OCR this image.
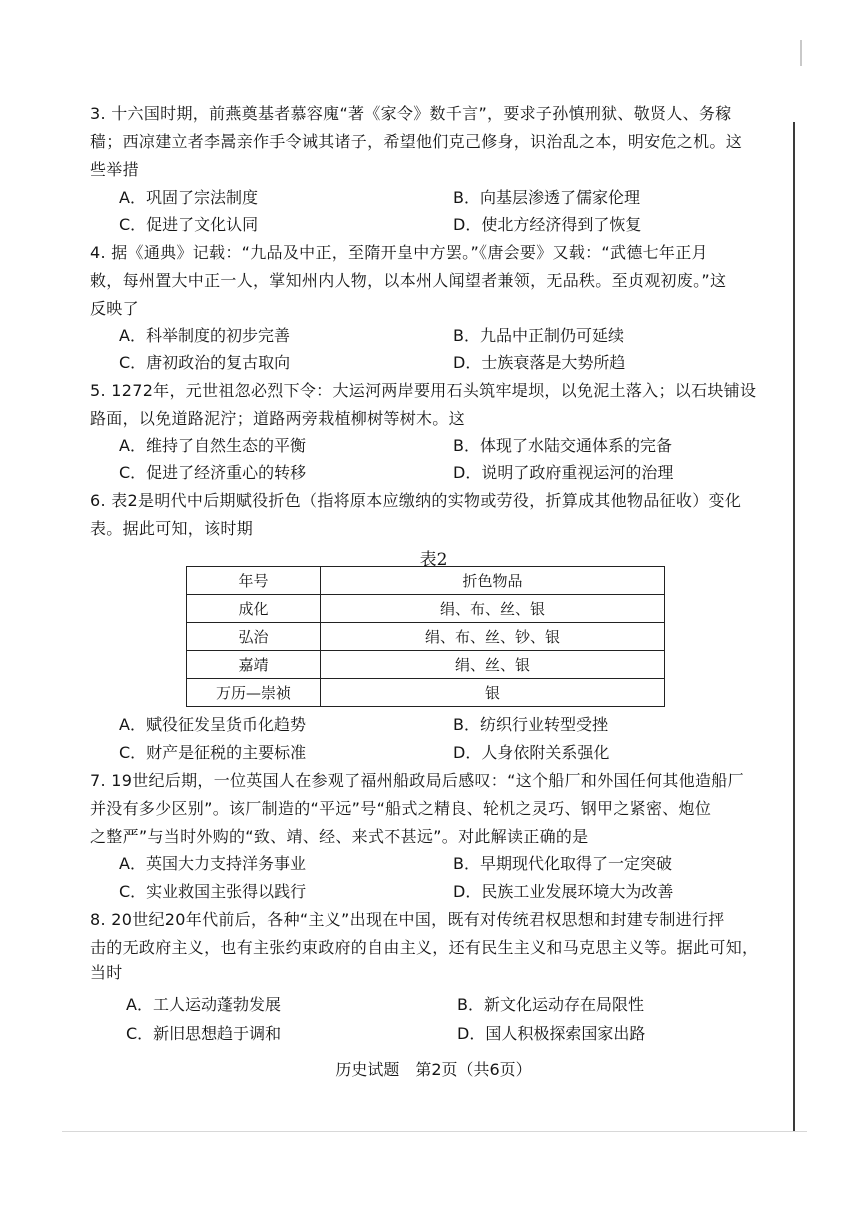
3. 十六国时期，前燕奠基者慕容廆“著《家令》数千言”，要求子孙慎刑狱、敬贤人、务稼
穑；西凉建立者李暠亲作手令诫其诸子，希望他们克己修身，识治乱之本，明安危之机。这
些举措
A．巩固了宗法制度	B．向基层渗透了儒家伦理
C．促进了文化认同	D．使北方经济得到了恢复
4. 据《通典》记载：“九品及中正，至隋开皇中方罢。”《唐会要》又载：“武德七年正月
敕，每州置大中正一人，掌知州内人物，以本州人闻望者兼领，无品秩。至贞观初废。”这
反映了
A．科举制度的初步完善	B．九品中正制仍可延续
C．唐初政治的复古取向	D．士族衰落是大势所趋
5. 1272年，元世祖忽必烈下令：大运河两岸要用石头筑牢堤坝，以免泥土落入；以石块铺设
路面，以免道路泥泞；道路两旁栽植柳树等树木。这
A．维持了自然生态的平衡	B．体现了水陆交通体系的完备
C．促进了经济重心的转移	D．说明了政府重视运河的治理
6. 表2是明代中后期赋役折色（指将原本应缴纳的实物或劳役，折算成其他物品征收）变化
表。据此可知，该时期
表2
年号	折色物品
成化	绢、布、丝、银
弘治	绢、布、丝、钞、银
嘉靖	绢、丝、银
万历—崇祯	银
A．赋役征发呈货币化趋势	B．纺织行业转型受挫
C．财产是征税的主要标准	D．人身依附关系强化
7. 19世纪后期，一位英国人在参观了福州船政局后感叹：“这个船厂和外国任何其他造船厂
并没有多少区别”。该厂制造的“平远”号“船式之精良、轮机之灵巧、钢甲之紧密、炮位
之整严”与当时外购的“致、靖、经、来式不甚远”。对此解读正确的是
A．英国大力支持洋务事业	B．早期现代化取得了一定突破
C．实业救国主张得以践行	D．民族工业发展环境大为改善
8. 20世纪20年代前后，各种“主义”出现在中国，既有对传统君权思想和封建专制进行抨
击的无政府主义，也有主张约束政府的自由主义，还有民生主义和马克思主义等。据此可知，
当时
A．工人运动蓬勃发展	B．新文化运动存在局限性
C．新旧思想趋于调和	D．国人积极探索国家出路
历史试题　第2页（共6页）
